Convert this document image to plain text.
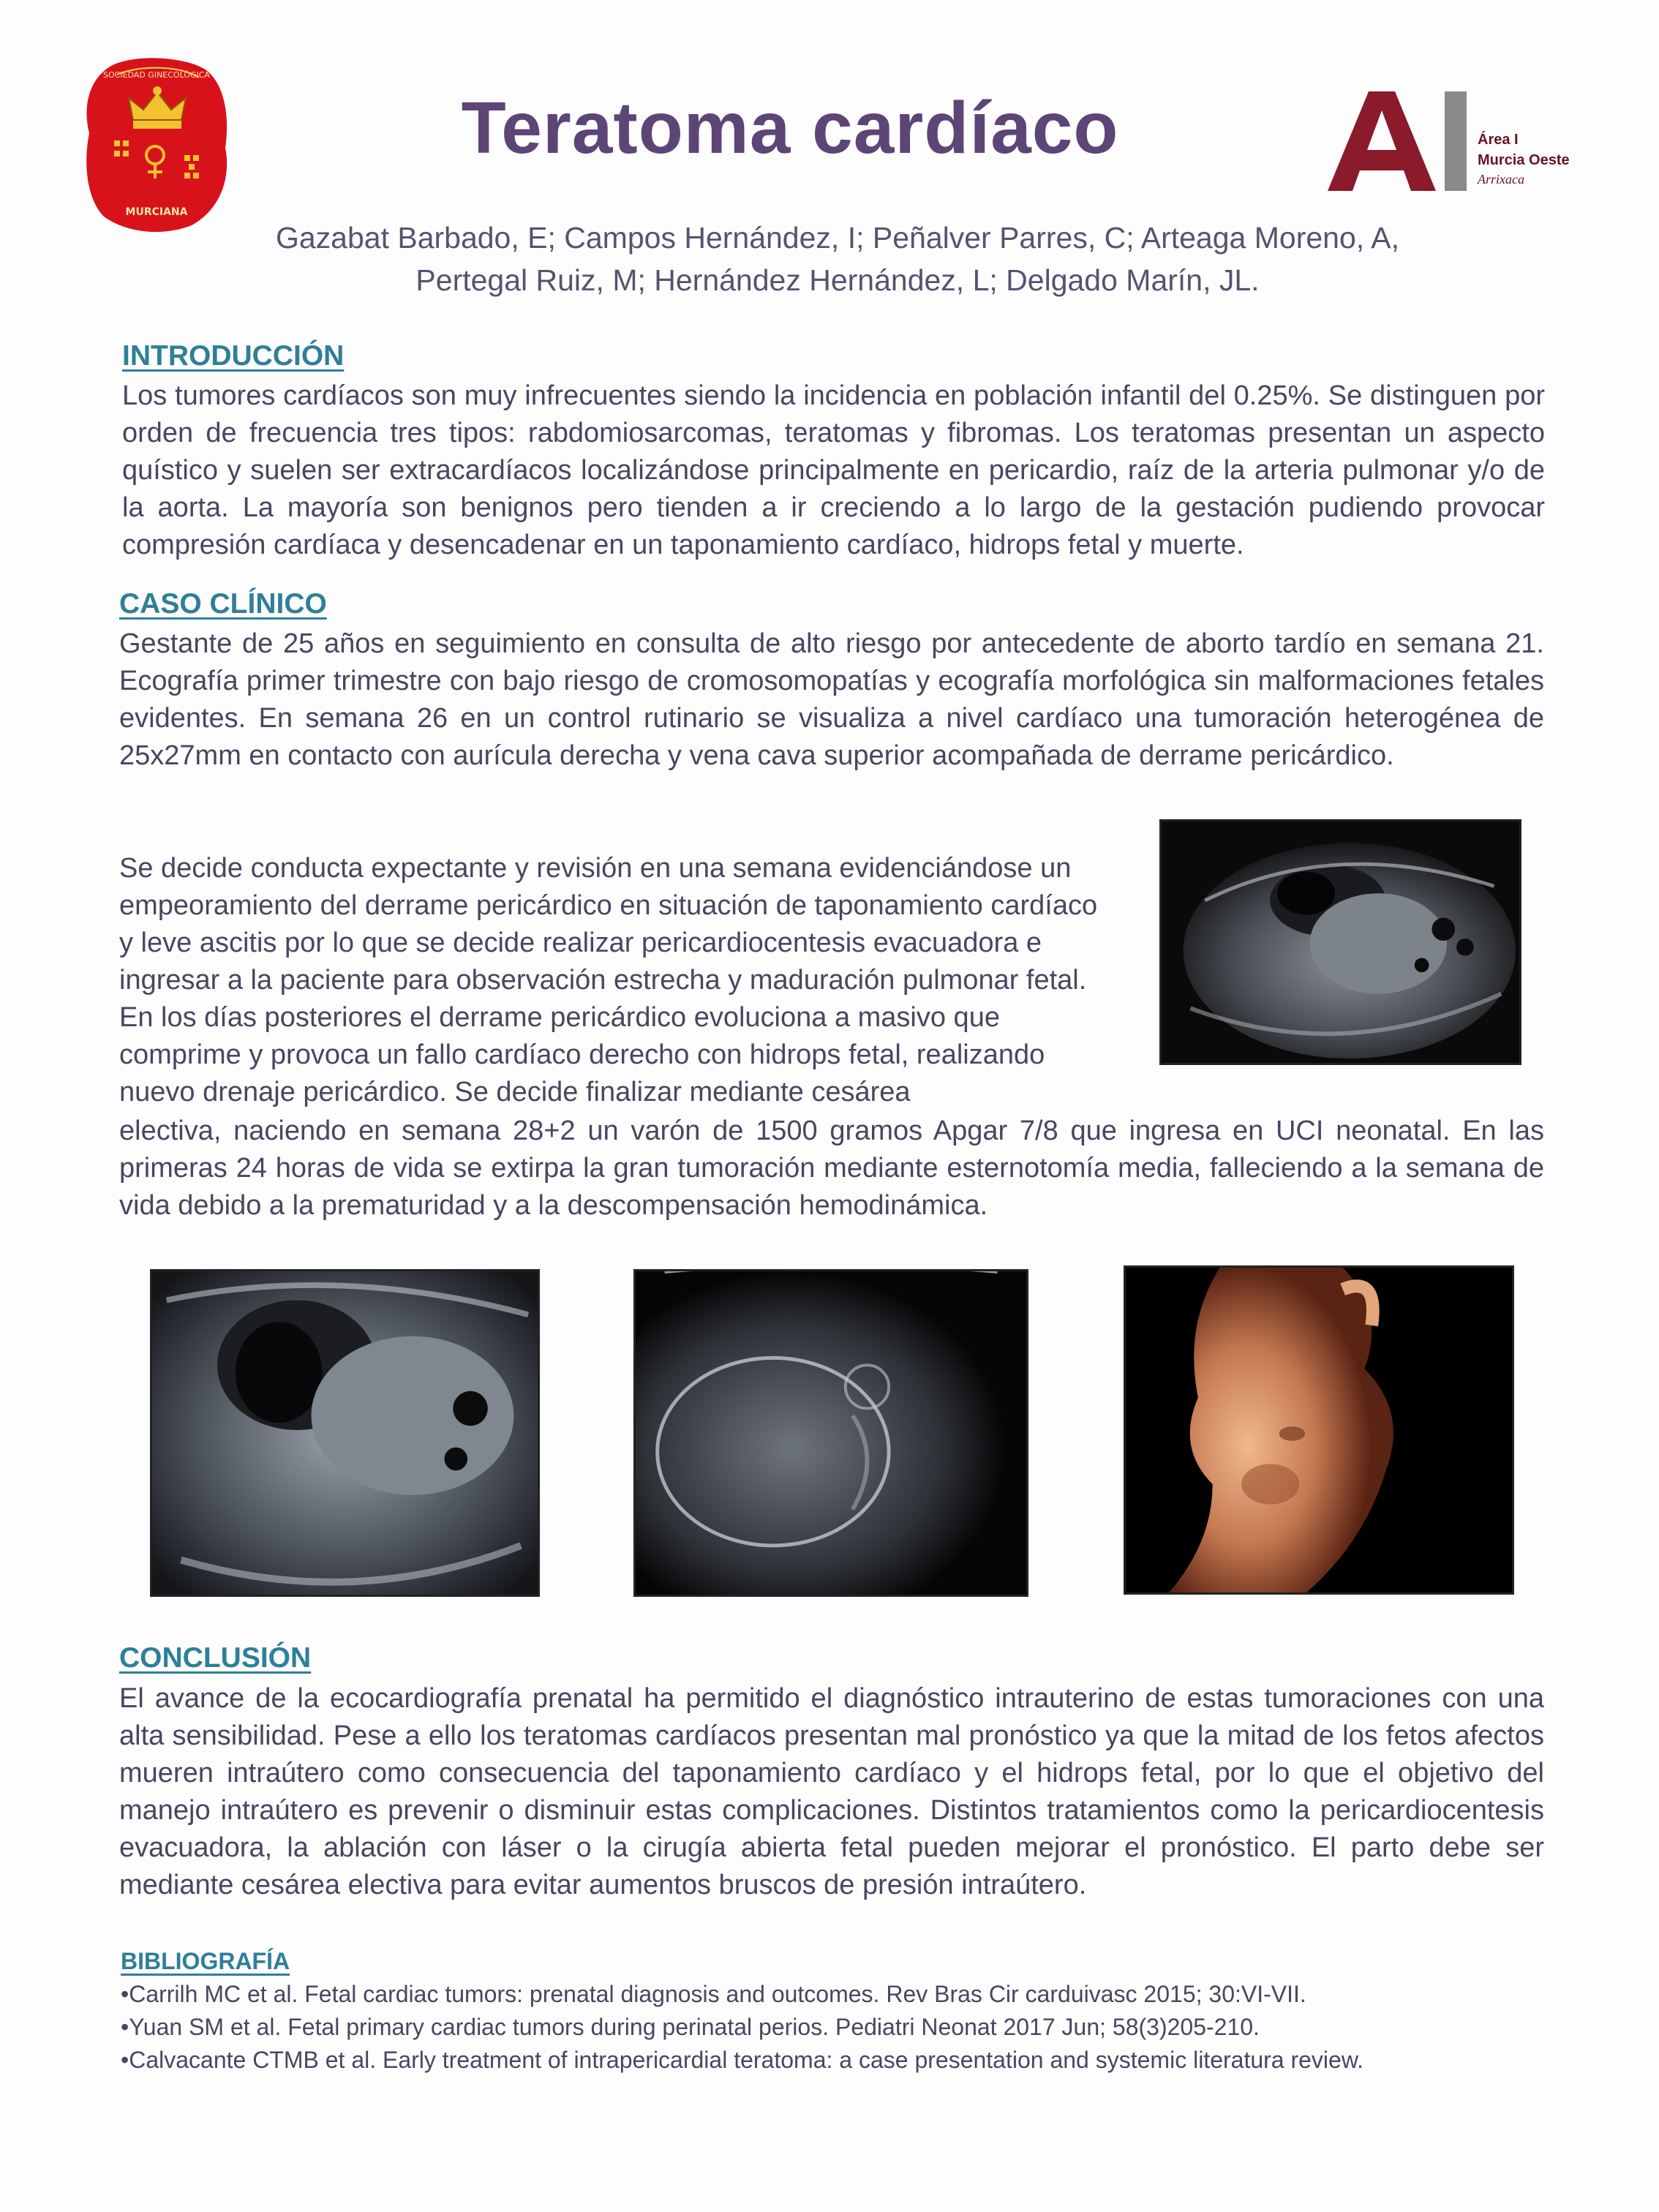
MURCIANA
SOCIEDAD GINECOLÓGICA
Área I
Murcia Oeste
Arrixaca
Teratoma cardíaco
Gazabat Barbado, E; Campos Hernández, I; Peñalver Parres, C; Arteaga Moreno, A,
Pertegal Ruiz, M; Hernández Hernández, L; Delgado Marín, JL.
INTRODUCCIÓN
Los tumores cardíacos son muy infrecuentes siendo la incidencia en población infantil del 0.25%. Se distinguen por orden de frecuencia tres tipos: rabdomiosarcomas, teratomas y fibromas. Los teratomas presentan un aspecto quístico y suelen ser extracardíacos localizándose principalmente en pericardio, raíz de la arteria pulmonar y/o de la aorta. La mayoría son benignos pero tienden a ir creciendo a lo largo de la gestación pudiendo provocar compresión cardíaca y desencadenar en un taponamiento cardíaco, hidrops fetal y muerte.
CASO CLÍNICO
Gestante de 25 años en seguimiento en consulta de alto riesgo por antecedente de aborto tardío en semana 21. Ecografía primer trimestre con bajo riesgo de cromosomopatías y ecografía morfológica sin malformaciones fetales evidentes. En semana 26 en un control rutinario se visualiza a nivel cardíaco una tumoración heterogénea de 25x27mm en contacto con aurícula derecha y vena cava superior acompañada de derrame pericárdico.
Se decide conducta expectante y revisión en una semana evidenciándose un empeoramiento del derrame pericárdico en situación de taponamiento cardíaco y leve ascitis por lo que se decide realizar pericardiocentesis evacuadora e ingresar a la paciente para observación estrecha y maduración pulmonar fetal. En los días posteriores el derrame pericárdico evoluciona a masivo que comprime y provoca un fallo cardíaco derecho con hidrops fetal, realizando nuevo drenaje pericárdico. Se decide finalizar mediante cesárea
electiva, naciendo en semana 28+2 un varón de 1500 gramos Apgar 7/8 que ingresa en UCI neonatal. En las primeras 24 horas de vida se extirpa la gran tumoración mediante esternotomía media, falleciendo a la semana de vida debido a la prematuridad y a la descompensación hemodinámica.
CONCLUSIÓN
El avance de la ecocardiografía prenatal ha permitido el diagnóstico intrauterino de estas tumoraciones con una alta sensibilidad. Pese a ello los teratomas cardíacos presentan mal pronóstico ya que la mitad de los fetos afectos mueren intraútero como consecuencia del taponamiento cardíaco y el hidrops fetal, por lo que el objetivo del manejo intraútero es prevenir o disminuir estas complicaciones. Distintos tratamientos como la pericardiocentesis evacuadora, la ablación con láser o la cirugía abierta fetal pueden mejorar el pronóstico. El parto debe ser mediante cesárea electiva para evitar aumentos bruscos de presión intraútero.
BIBLIOGRAFÍA
•Carrilh MC et al. Fetal cardiac tumors: prenatal diagnosis and outcomes. Rev Bras Cir carduivasc 2015; 30:VI-VII.
•Yuan SM et al. Fetal primary cardiac tumors during perinatal perios. Pediatri Neonat 2017 Jun; 58(3)205-210.
•Calvacante CTMB et al. Early treatment of intrapericardial teratoma: a case presentation and systemic literatura review.
